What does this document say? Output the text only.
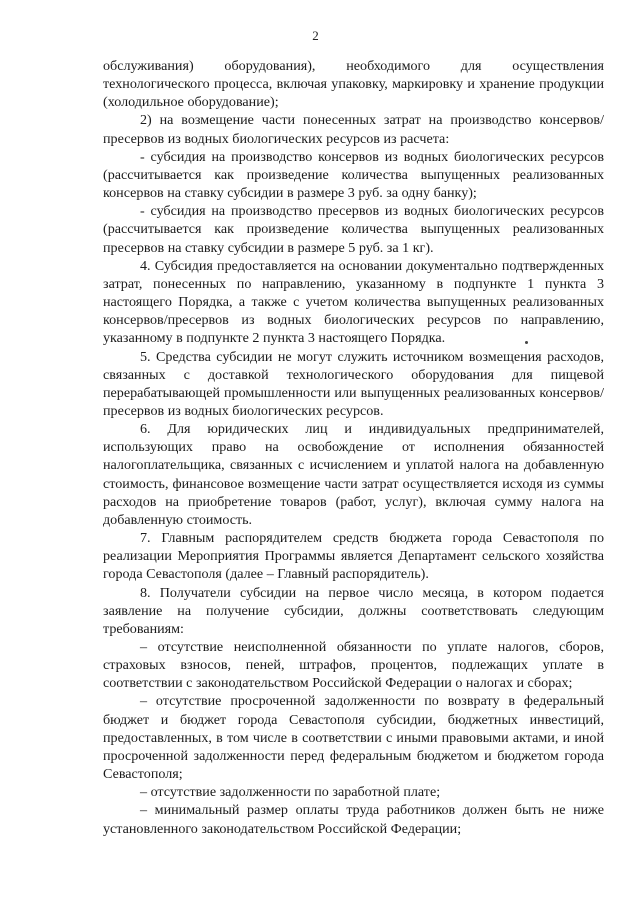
2

обслуживания) оборудования), необходимого для осуществления технологического процесса, включая упаковку, маркировку и хранение продукции (холодильное оборудование);

2) на возмещение части понесенных затрат на производство консервов/пресервов из водных биологических ресурсов из расчета:

- субсидия на производство консервов из водных биологических ресурсов (рассчитывается как произведение количества выпущенных реализованных консервов на ставку субсидии в размере 3 руб. за одну банку);

- субсидия на производство пресервов из водных биологических ресурсов (рассчитывается как произведение количества выпущенных реализованных пресервов на ставку субсидии в размере 5 руб. за 1 кг).

4. Субсидия предоставляется на основании документально подтвержденных затрат, понесенных по направлению, указанному в подпункте 1 пункта 3 настоящего Порядка, а также с учетом количества выпущенных реализованных консервов/пресервов из водных биологических ресурсов по направлению, указанному в подпункте 2 пункта 3 настоящего Порядка.

5. Средства субсидии не могут служить источником возмещения расходов, связанных с доставкой технологического оборудования для пищевой перерабатывающей промышленности или выпущенных реализованных консервов/пресервов из водных биологических ресурсов.

6. Для юридических лиц и индивидуальных предпринимателей, использующих право на освобождение от исполнения обязанностей налогоплательщика, связанных с исчислением и уплатой налога на добавленную стоимость, финансовое возмещение части затрат осуществляется исходя из суммы расходов на приобретение товаров (работ, услуг), включая сумму налога на добавленную стоимость.

7. Главным распорядителем средств бюджета города Севастополя по реализации Мероприятия Программы является Департамент сельского хозяйства города Севастополя (далее – Главный распорядитель).

8. Получатели субсидии на первое число месяца, в котором подается заявление на получение субсидии, должны соответствовать следующим требованиям:

– отсутствие неисполненной обязанности по уплате налогов, сборов, страховых взносов, пеней, штрафов, процентов, подлежащих уплате в соответствии с законодательством Российской Федерации о налогах и сборах;

– отсутствие просроченной задолженности по возврату в федеральный бюджет и бюджет города Севастополя субсидии, бюджетных инвестиций, предоставленных, в том числе в соответствии с иными правовыми актами, и иной просроченной задолженности перед федеральным бюджетом и бюджетом города Севастополя;

– отсутствие задолженности по заработной плате;

– минимальный размер оплаты труда работников должен быть не ниже установленного законодательством Российской Федерации;
